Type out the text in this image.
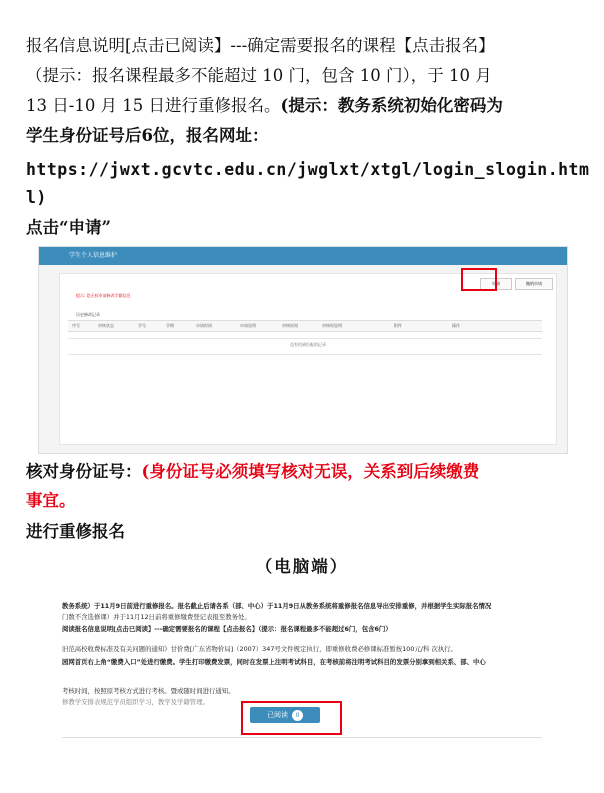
报名信息说明[点击已阅读】---确定需要报名的课程【点击报名】
（提示：报名课程最多不能超过 10 门，包含 10 门），于 10 月
13 日-10 月 15 日进行重修报名。(提示：教务系统初始化密码为
学生身份证号后6位，报名网址：
https://jwxt.gcvtc.edu.cn/jwglxt/xtgl/login_slogin.htm
l)
点击“申请”
学生个人信息维护
申请	撤销申请
提示: 您无权申请修改学籍信息
历史修改记录
序号	审核状态	学号	学期	申请时间	申请说明	审核时间	审核时说明	附件	操作
没有找到匹配的记录
核对身份证号：(身份证号必须填写核对无误，关系到后续缴费
事宜。
进行重修报名
（电脑端）
教务系统）于11月9日前进行重修报名。报名截止后请各系（部、中心）于11月9日从教务系统将重修报名信息导出安排重修，并根据学生实际报名情况
门数不含选修课）并于11月12日前将重修缴费登记表报至教务处。
阅读报名信息说明[点击已阅读】---确定需要报名的课程【点击报名】（提示：报名课程最多不能超过6门，包含6门）
旧范高校收费标准及有关问题的通知》甘价费[广东省物价局]（2007）347号文件规定执行，即重修收费必修课标准暂按100元/科 次执行。
园网首页右上角“缴费入口”处进行缴费。学生打印缴费发票，同时在发票上注明考试科目，在考核前将注明考试科目的发票分别拿到相关系、部、中心
考核时间，按照原考核方式进行考核。暨或随时间进行通知。
修教学安排表规范学员组织学习，教学及学籍管理。
已阅读 0
